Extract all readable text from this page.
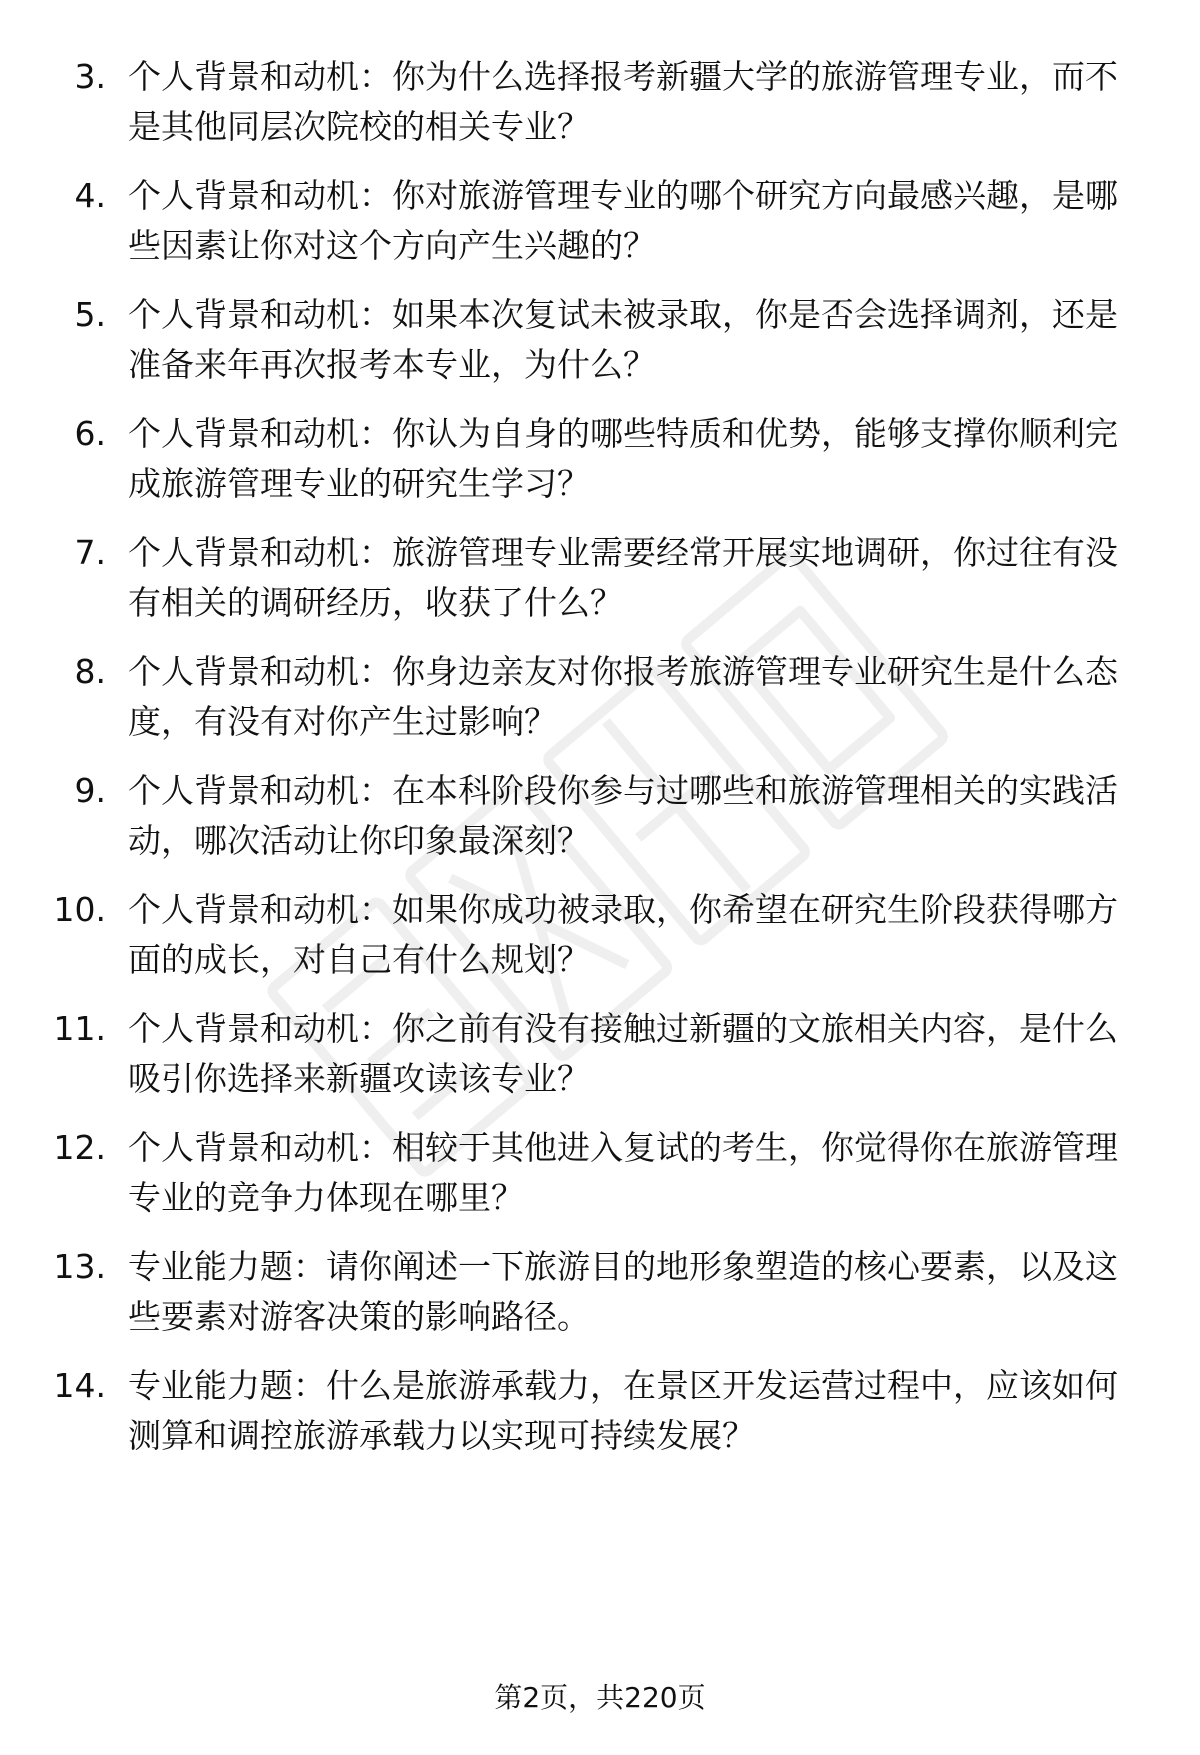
3. 个人背景和动机：你为什么选择报考新疆大学的旅游管理专业，而不是其他同层次院校的相关专业？
4. 个人背景和动机：你对旅游管理专业的哪个研究方向最感兴趣，是哪些因素让你对这个方向产生兴趣的？
5. 个人背景和动机：如果本次复试未被录取，你是否会选择调剂，还是准备来年再次报考本专业，为什么？
6. 个人背景和动机：你认为自身的哪些特质和优势，能够支撑你顺利完成旅游管理专业的研究生学习？
7. 个人背景和动机：旅游管理专业需要经常开展实地调研，你过往有没有相关的调研经历，收获了什么？
8. 个人背景和动机：你身边亲友对你报考旅游管理专业研究生是什么态度，有没有对你产生过影响？
9. 个人背景和动机：在本科阶段你参与过哪些和旅游管理相关的实践活动，哪次活动让你印象最深刻？
10. 个人背景和动机：如果你成功被录取，你希望在研究生阶段获得哪方面的成长，对自己有什么规划？
11. 个人背景和动机：你之前有没有接触过新疆的文旅相关内容，是什么吸引你选择来新疆攻读该专业？
12. 个人背景和动机：相较于其他进入复试的考生，你觉得你在旅游管理专业的竞争力体现在哪里？
13. 专业能力题：请你阐述一下旅游目的地形象塑造的核心要素，以及这些要素对游客决策的影响路径。
14. 专业能力题：什么是旅游承载力，在景区开发运营过程中，应该如何测算和调控旅游承载力以实现可持续发展？
第2页，共220页
